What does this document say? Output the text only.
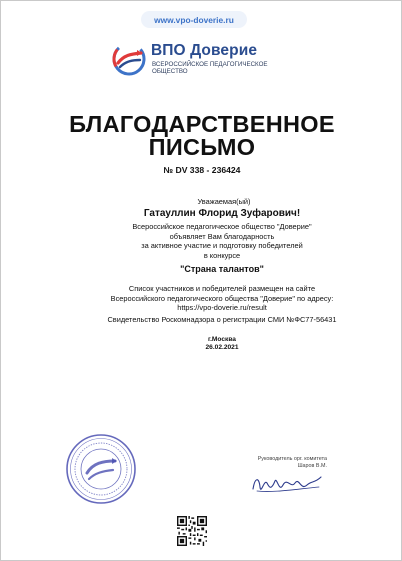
www.vpo-doverie.ru
ВПО Доверие
ВСЕРОССИЙСКОЕ ПЕДАГОГИЧЕСКОЕ ОБЩЕСТВО
БЛАГОДАРСТВЕННОЕ
ПИСЬМО
№ DV 338 - 236424
Уважаемая(ый)
Гатауллин Флорид Зуфарович!
Всероссийское педагогическое общество "Доверие"
объявляет Вам благодарность
за активное участие и подготовку победителей
в конкурсе
"Страна талантов"
Список участников и победителей размещен на сайте
Всероссийского педагогического общества "Доверие" по адресу:
https://vpo-doverie.ru/result
Свидетельство Роскомнадзора о регистрации СМИ №ФС77-56431
г.Москва
26.02.2021
Руководитель орг. комитета
Шаров В.М.
